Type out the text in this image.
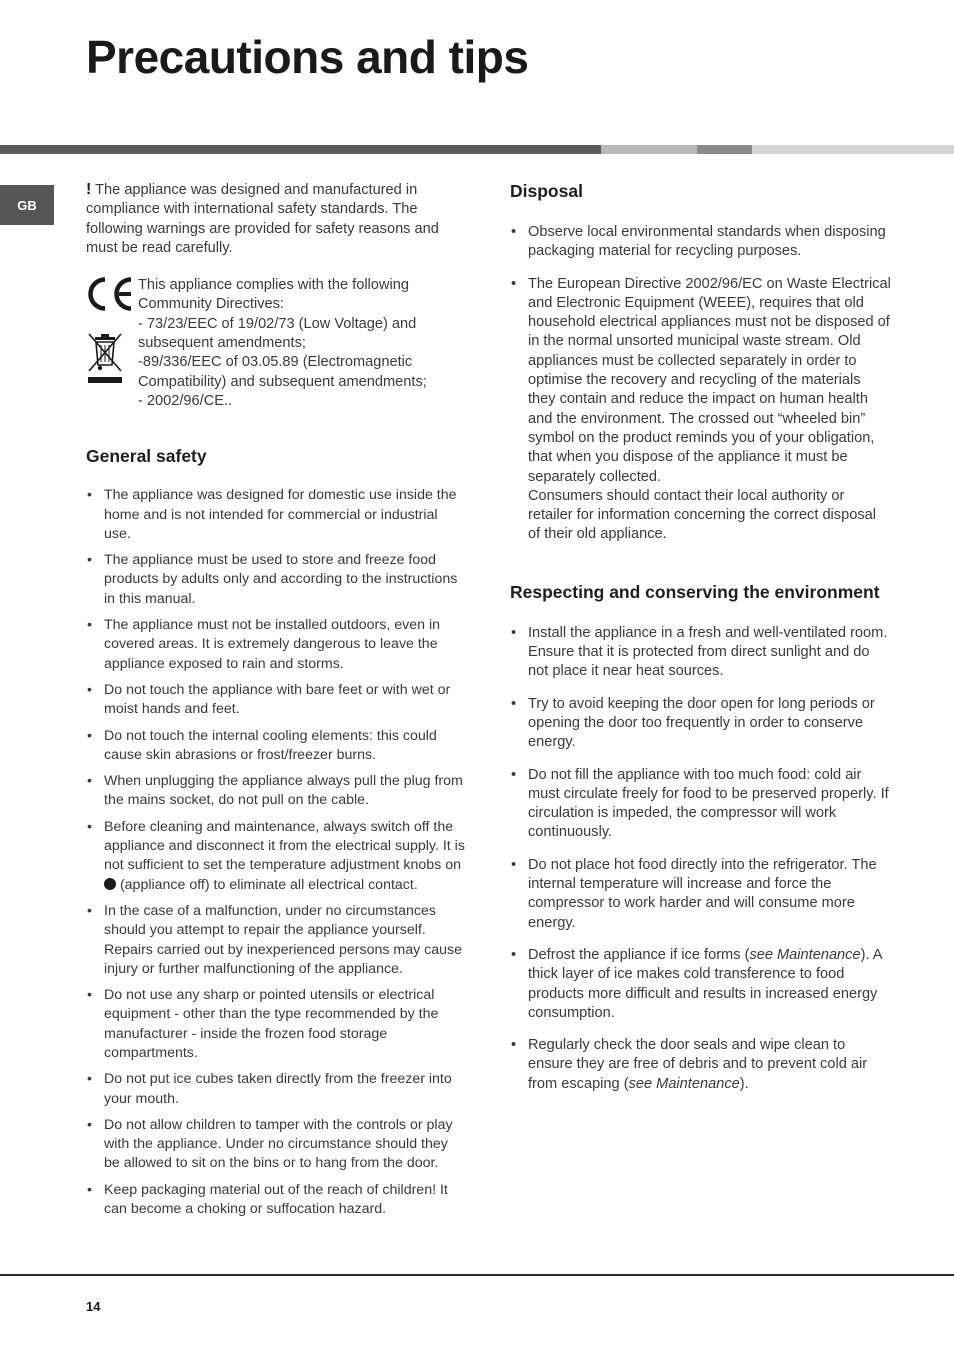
Precautions and tips
GB

! The appliance was designed and manufactured in compliance with international safety standards. The following warnings are provided for safety reasons and must be read carefully.

This appliance complies with the following Community Directives:

- 73/23/EEC of 19/02/73 (Low Voltage) and subsequent amendments;

-89/336/EEC of 03.05.89 (Electromagnetic Compatibility) and subsequent amendments;

- 2002/96/CE..

General safety
• The appliance was designed for domestic use inside the home and is not intended for commercial or industrial use.
• The appliance must be used to store and freeze food products by adults only and according to the instructions in this manual.
• The appliance must not be installed outdoors, even in covered areas. It is extremely dangerous to leave the appliance exposed to rain and storms.
• Do not touch the appliance with bare feet or with wet or moist hands and feet.
• Do not touch the internal cooling elements: this could cause skin abrasions or frost/freezer burns.
• When unplugging the appliance always pull the plug from the mains socket, do not pull on the cable.
• Before cleaning and maintenance, always switch off the appliance and disconnect it from the electrical supply. It is not sufficient to set the temperature adjustment knobs on  (appliance off) to eliminate all electrical contact.
• In the case of a malfunction, under no circumstances should you attempt to repair the appliance yourself. Repairs carried out by inexperienced persons may cause injury or further malfunctioning of the appliance.
• Do not use any sharp or pointed utensils or electrical equipment - other than the type recommended by the manufacturer - inside the frozen food storage compartments.
• Do not put ice cubes taken directly from the freezer into your mouth.
• Do not allow children to tamper with the controls or play with the appliance. Under no circumstance should they be allowed to sit on the bins or to hang from the door.
• Keep packaging material out of the reach of children! It can become a choking or suffocation hazard.
Disposal
• Observe local environmental standards when disposing packaging material for recycling purposes.
• The European Directive 2002/96/EC on Waste Electrical and Electronic Equipment (WEEE), requires that old household electrical appliances must not be disposed of in the normal unsorted municipal waste stream. Old appliances must be collected separately in order to optimise the recovery and recycling of the materials they contain and reduce the impact on human health and the environment. The crossed out “wheeled bin” symbol on the product reminds you of your obligation, that when you dispose of the appliance it must be separately collected.
Consumers should contact their local authority or retailer for information concerning the correct disposal of their old appliance.
Respecting and conserving the environment
• Install the appliance in a fresh and well-ventilated room. Ensure that it is protected from direct sunlight and do not place it near heat sources.
• Try to avoid keeping the door open for long periods or opening the door too frequently in order to conserve energy.
• Do not fill the appliance with too much food: cold air must circulate freely for food to be preserved properly. If circulation is impeded, the compressor will work continuously.
• Do not place hot food directly into the refrigerator. The internal temperature will increase and force the compressor to work harder and will consume more energy.
• Defrost the appliance if ice forms (see Maintenance). A thick layer of ice makes cold transference to food products more difficult and results in increased energy consumption.
• Regularly check the door seals and wipe clean to ensure they are free of debris and to prevent cold air from escaping (see Maintenance).
14
